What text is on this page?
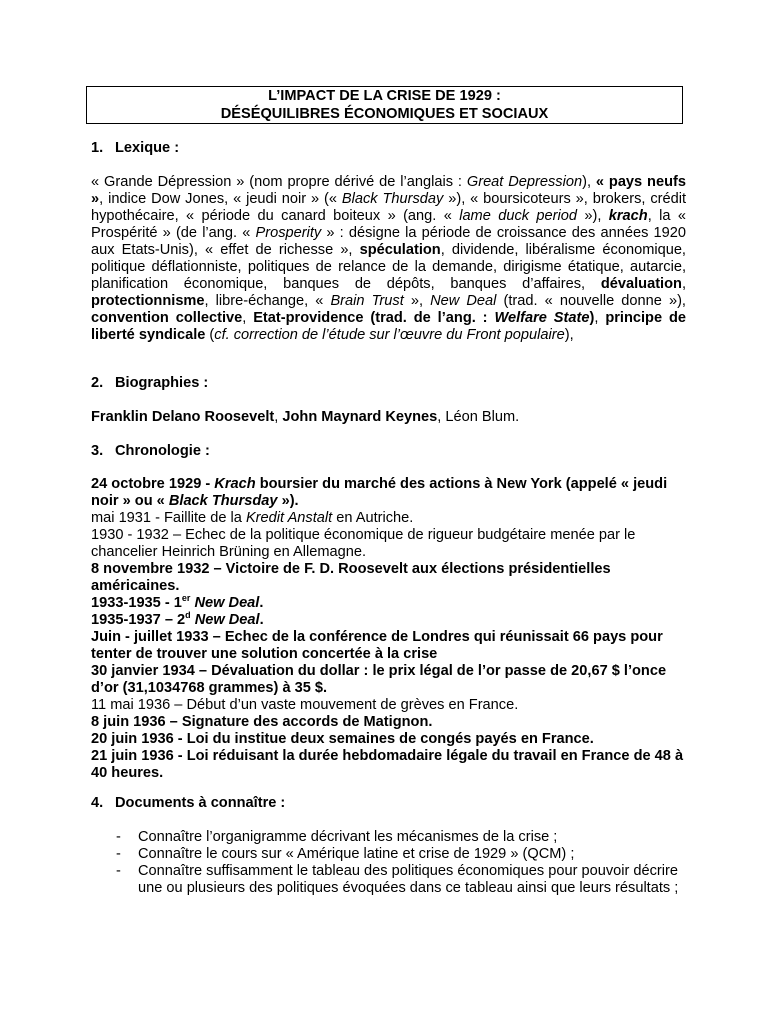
L’IMPACT DE LA CRISE DE 1929 :
DÉSÉQUILIBRES ÉCONOMIQUES ET SOCIAUX
1. Lexique :
« Grande Dépression » (nom propre dérivé de l’anglais : Great Depression), « pays neufs », indice Dow Jones, « jeudi noir » (« Black Thursday »), « boursicoteurs », brokers, crédit hypothécaire, « période du canard boiteux » (ang. « lame duck period »), krach, la « Prospérité » (de l’ang. « Prosperity » : désigne la période de croissance des années 1920 aux Etats-Unis), « effet de richesse », spéculation, dividende, libéralisme économique, politique déflationniste, politiques de relance de la demande, dirigisme étatique, autarcie, planification économique, banques de dépôts, banques d’affaires, dévaluation, protectionnisme, libre-échange, « Brain Trust », New Deal (trad. « nouvelle donne »), convention collective, Etat-providence (trad. de l’ang. : Welfare State), principe de liberté syndicale (cf. correction de l’étude sur l’œuvre du Front populaire),
2. Biographies :
Franklin Delano Roosevelt, John Maynard Keynes, Léon Blum.
3. Chronologie :
24 octobre 1929 - Krach boursier du marché des actions à New York (appelé « jeudi noir » ou « Black Thursday »).
mai 1931 - Faillite de la Kredit Anstalt en Autriche.
1930 - 1932 – Echec de la politique économique de rigueur budgétaire menée par le chancelier Heinrich Brüning en Allemagne.
8 novembre 1932 – Victoire de F. D. Roosevelt aux élections présidentielles américaines.
1933-1935 - 1er New Deal.
1935-1937 – 2$^d$ New Deal.
Juin - juillet 1933 – Echec de la conférence de Londres qui réunissait 66 pays pour tenter de trouver une solution concertée à la crise
30 janvier 1934 – Dévaluation du dollar : le prix légal de l’or passe de 20,67 $ l’once d’or (31,1034768 grammes) à 35 $.
11 mai 1936 – Début d’un vaste mouvement de grèves en France.
8 juin 1936 – Signature des accords de Matignon.
20 juin 1936 - Loi du institue deux semaines de congés payés en France.
21 juin 1936 - Loi réduisant la durée hebdomadaire légale du travail en France de 48 à 40 heures.
4. Documents à connaître :
- Connaître l’organigramme décrivant les mécanismes de la crise ;
- Connaître le cours sur « Amérique latine et crise de 1929 » (QCM) ;
- Connaître suffisamment le tableau des politiques économiques pour pouvoir décrire une ou plusieurs des politiques évoquées dans ce tableau ainsi que leurs résultats ;
